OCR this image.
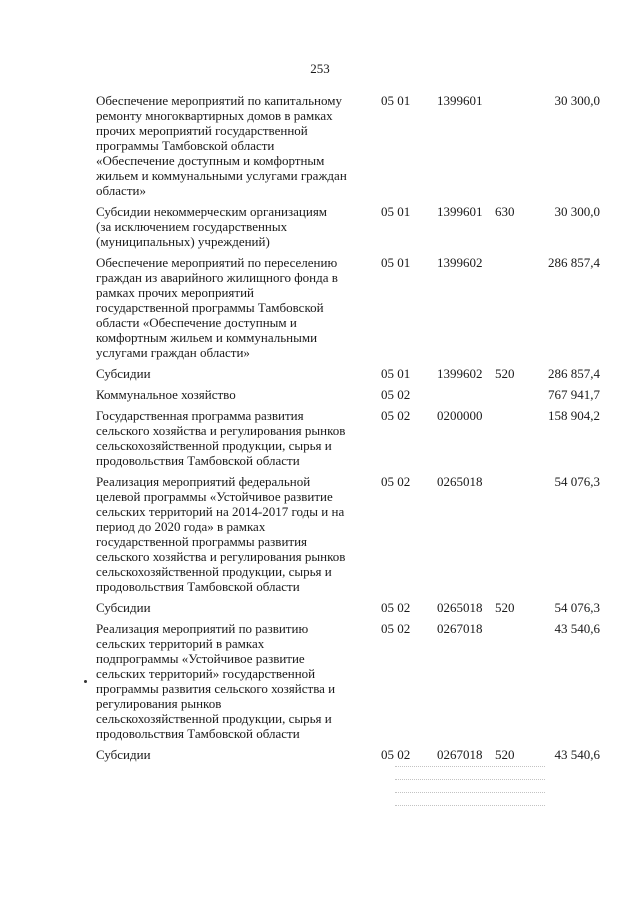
253
Обеспечение мероприятий по капитальному
ремонту многоквартирных домов в рамках
прочих мероприятий государственной
программы Тамбовской области
«Обеспечение доступным и комфортным
жильем и коммунальными услугами граждан
области»
05 01 1399601	30 300,0
Субсидии некоммерческим организациям
(за исключением государственных
(муниципальных) учреждений)
05 01 1399601 630	30 300,0
Обеспечение мероприятий по переселению
граждан из аварийного жилищного фонда в
рамках прочих мероприятий
государственной программы Тамбовской
области «Обеспечение доступным и
комфортным жильем и коммунальными
услугами граждан области»
05 01 1399602	286 857,4
Субсидии	05 01 1399602 520	286 857,4
Коммунальное хозяйство	05 02	767 941,7
Государственная программа развития
сельского хозяйства и регулирования рынков
сельскохозяйственной продукции, сырья и
продовольствия Тамбовской области
05 02 0200000	158 904,2
Реализация мероприятий федеральной
целевой программы «Устойчивое развитие
сельских территорий на 2014-2017 годы и на
период до 2020 года» в рамках
государственной программы развития
сельского хозяйства и регулирования рынков
сельскохозяйственной продукции, сырья и
продовольствия Тамбовской области
05 02 0265018	54 076,3
Субсидии	05 02 0265018 520	54 076,3
Реализация мероприятий по развитию
сельских территорий в рамках
подпрограммы «Устойчивое развитие
сельских территорий» государственной
программы развития сельского хозяйства и
регулирования рынков
сельскохозяйственной продукции, сырья и
продовольствия Тамбовской области
05 02 0267018	43 540,6
Субсидии	05 02 0267018 520	43 540,6
